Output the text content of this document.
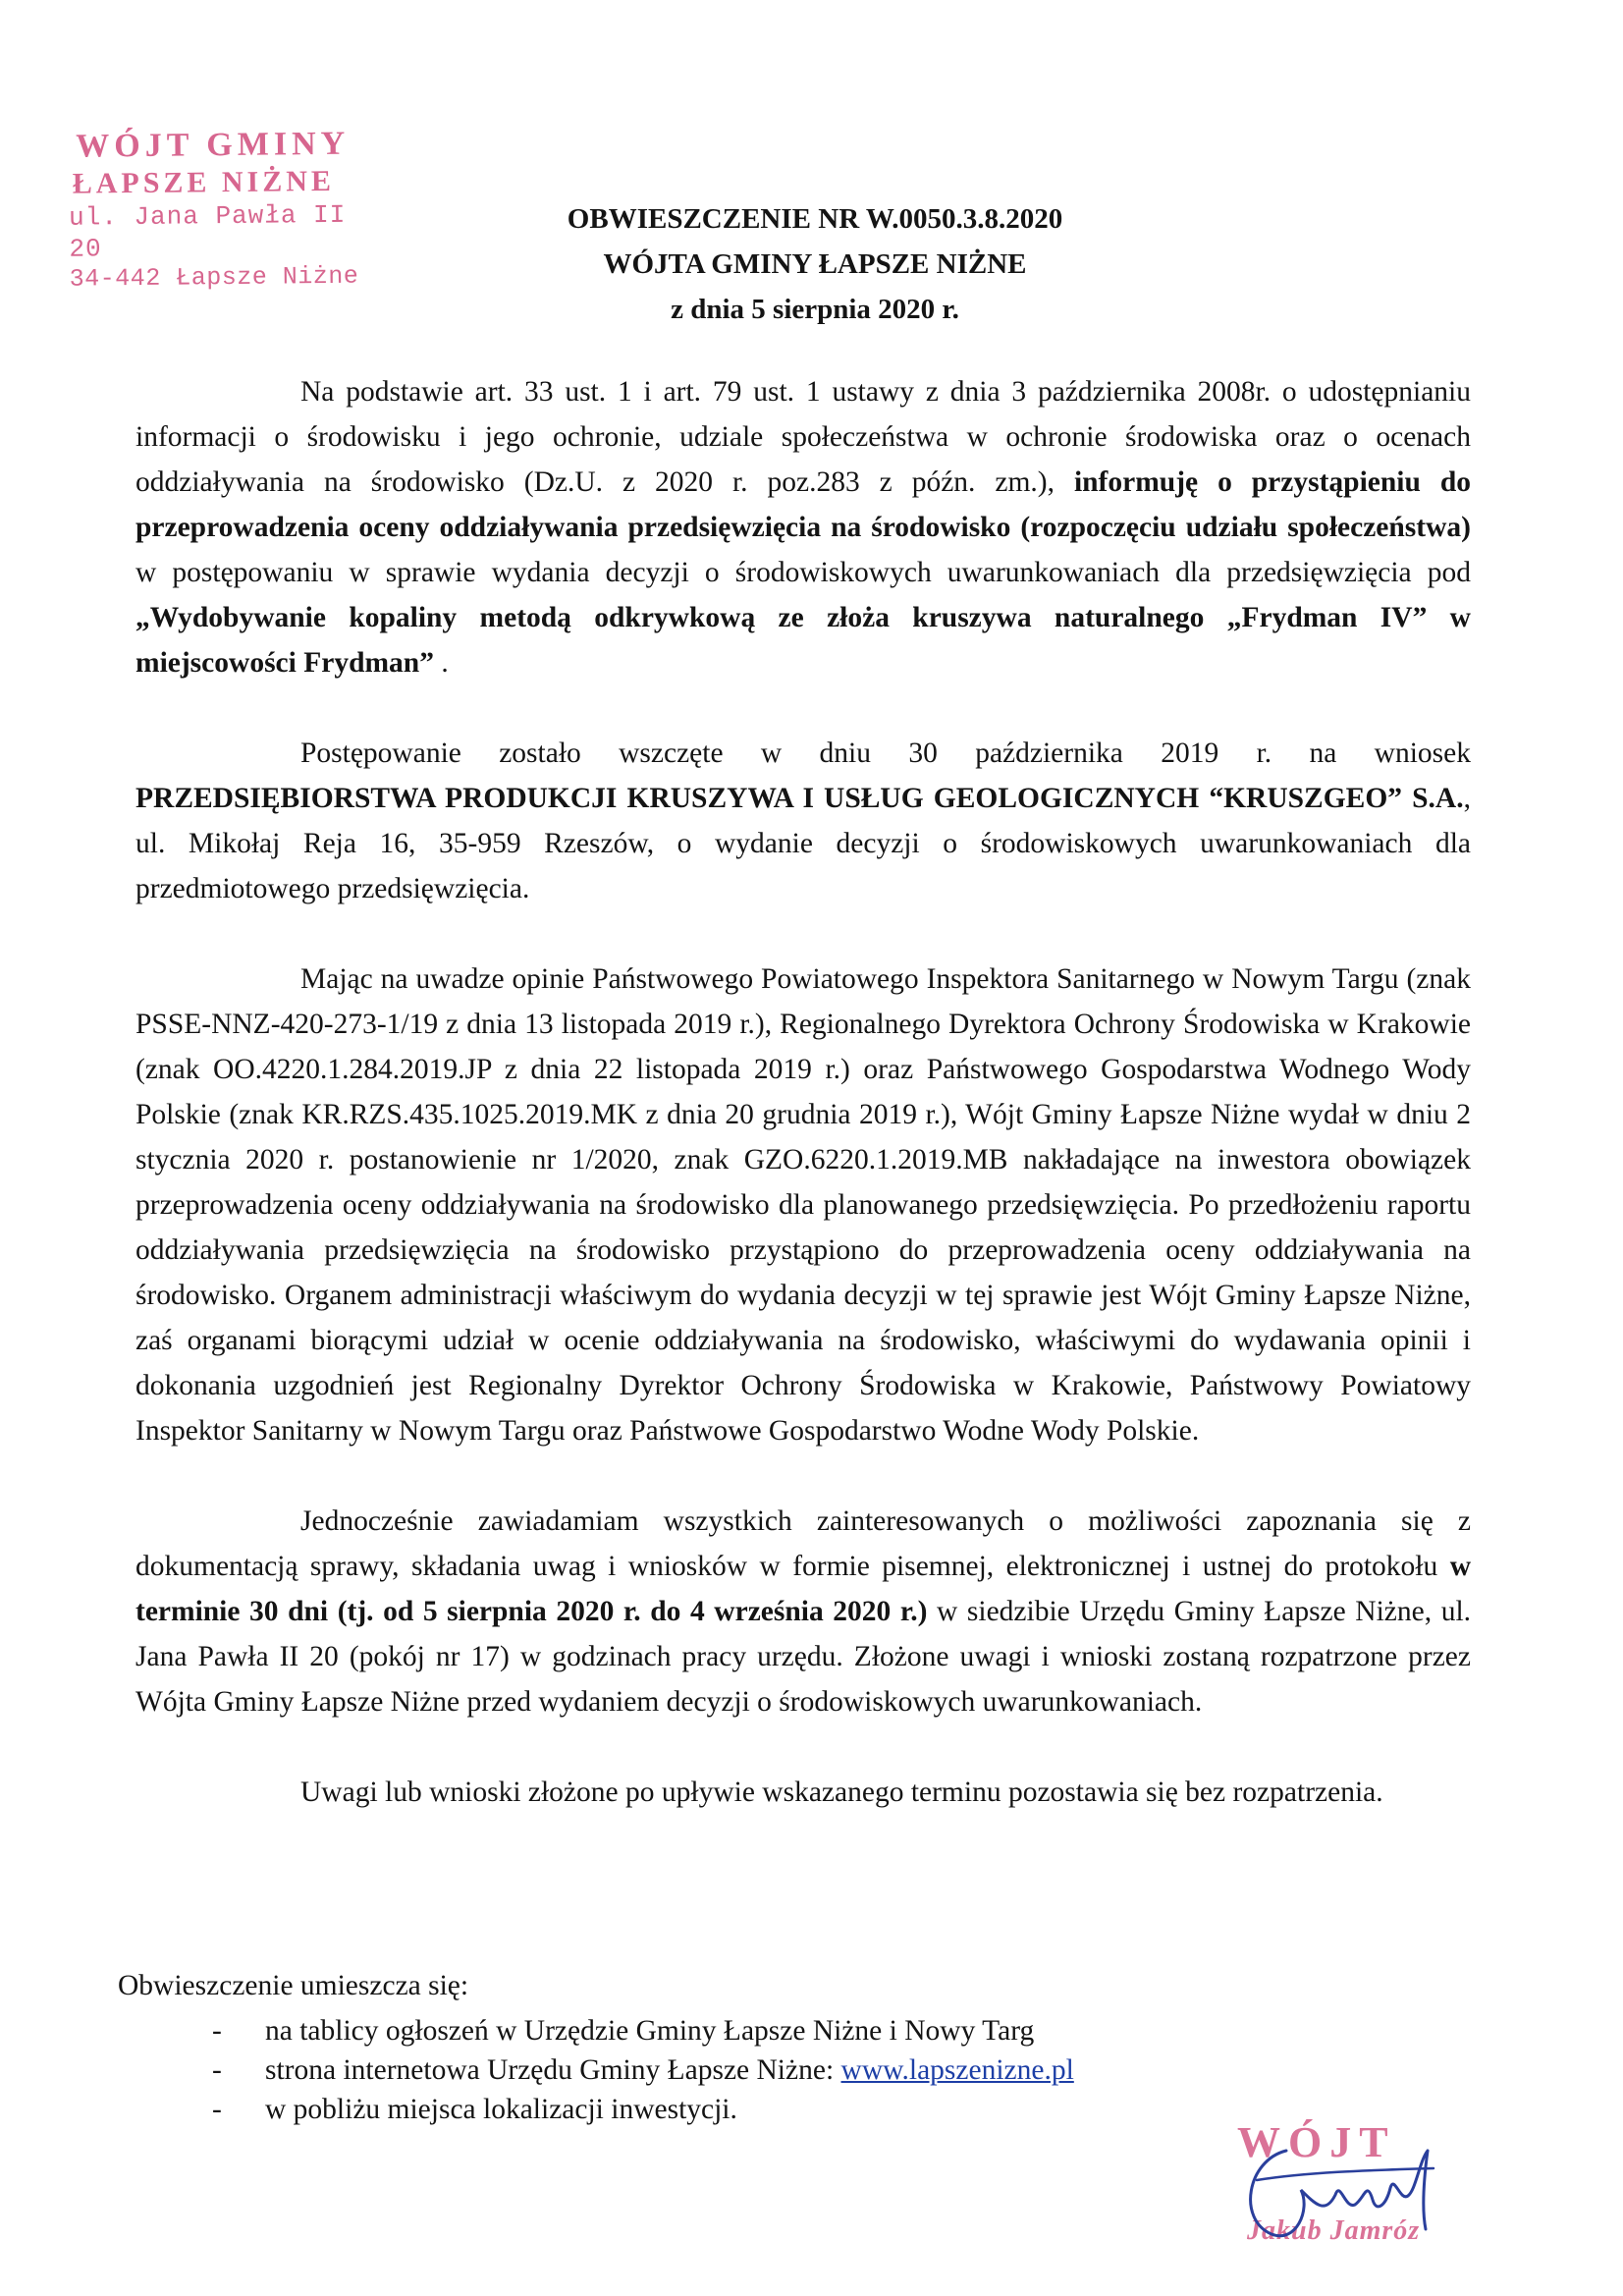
WÓJT GMINY
ŁAPSZE NIŻNE
ul. Jana Pawła II 20
34-442 Łapsze Niżne
OBWIESZCZENIE NR W.0050.3.8.2020
WÓJTA GMINY ŁAPSZE NIŻNE
z dnia 5 sierpnia 2020 r.

Na podstawie art. 33 ust. 1 i art. 79 ust. 1 ustawy z dnia 3 października 2008r. o udostępnianiu informacji o środowisku i jego ochronie, udziale społeczeństwa w ochronie środowiska oraz o ocenach oddziaływania na środowisko (Dz.U. z 2020 r. poz.283 z późn. zm.), informuję o przystąpieniu do przeprowadzenia oceny oddziaływania przedsięwzięcia na środowisko (rozpoczęciu udziału społeczeństwa) w postępowaniu w sprawie wydania decyzji o środowiskowych uwarunkowaniach dla przedsięwzięcia pod „Wydobywanie kopaliny metodą odkrywkową ze złoża kruszywa naturalnego „Frydman IV” w miejscowości Frydman” .

Postępowanie zostało wszczęte w dniu 30 października 2019 r. na wniosek PRZEDSIĘBIORSTWA PRODUKCJI KRUSZYWA I USŁUG GEOLOGICZNYCH “KRUSZGEO” S.A., ul. Mikołaj Reja 16, 35-959 Rzeszów, o wydanie decyzji o środowiskowych uwarunkowaniach dla przedmiotowego przedsięwzięcia.

Mając na uwadze opinie Państwowego Powiatowego Inspektora Sanitarnego w Nowym Targu (znak PSSE-NNZ-420-273-1/19 z dnia 13 listopada 2019 r.), Regionalnego Dyrektora Ochrony Środowiska w Krakowie (znak OO.4220.1.284.2019.JP z dnia 22 listopada 2019 r.) oraz Państwowego Gospodarstwa Wodnego Wody Polskie (znak KR.RZS.435.1025.2019.MK z dnia 20 grudnia 2019 r.), Wójt Gminy Łapsze Niżne wydał w dniu 2 stycznia 2020 r. postanowienie nr 1/2020, znak GZO.6220.1.2019.MB nakładające na inwestora obowiązek przeprowadzenia oceny oddziaływania na środowisko dla planowanego przedsięwzięcia. Po przedłożeniu raportu oddziaływania przedsięwzięcia na środowisko przystąpiono do przeprowadzenia oceny oddziaływania na środowisko. Organem administracji właściwym do wydania decyzji w tej sprawie jest Wójt Gminy Łapsze Niżne, zaś organami biorącymi udział w ocenie oddziaływania na środowisko, właściwymi do wydawania opinii i dokonania uzgodnień jest Regionalny Dyrektor Ochrony Środowiska w Krakowie, Państwowy Powiatowy Inspektor Sanitarny w Nowym Targu oraz Państwowe Gospodarstwo Wodne Wody Polskie.

Jednocześnie zawiadamiam wszystkich zainteresowanych o możliwości zapoznania się z dokumentacją sprawy, składania uwag i wniosków w formie pisemnej, elektronicznej i ustnej do protokołu w terminie 30 dni (tj. od 5 sierpnia 2020 r. do 4 września 2020 r.) w siedzibie Urzędu Gminy Łapsze Niżne, ul. Jana Pawła II 20 (pokój nr 17) w godzinach pracy urzędu. Złożone uwagi i wnioski zostaną rozpatrzone przez Wójta Gminy Łapsze Niżne przed wydaniem decyzji o środowiskowych uwarunkowaniach.

Uwagi lub wnioski złożone po upływie wskazanego terminu pozostawia się bez rozpatrzenia.

Obwieszczenie umieszcza się:
- na tablicy ogłoszeń w Urzędzie Gminy Łapsze Niżne i Nowy Targ
- strona internetowa Urzędu Gminy Łapsze Niżne: www.lapszenizne.pl
- w pobliżu miejsca lokalizacji inwestycji.
WÓJT
Jakub Jamróz
